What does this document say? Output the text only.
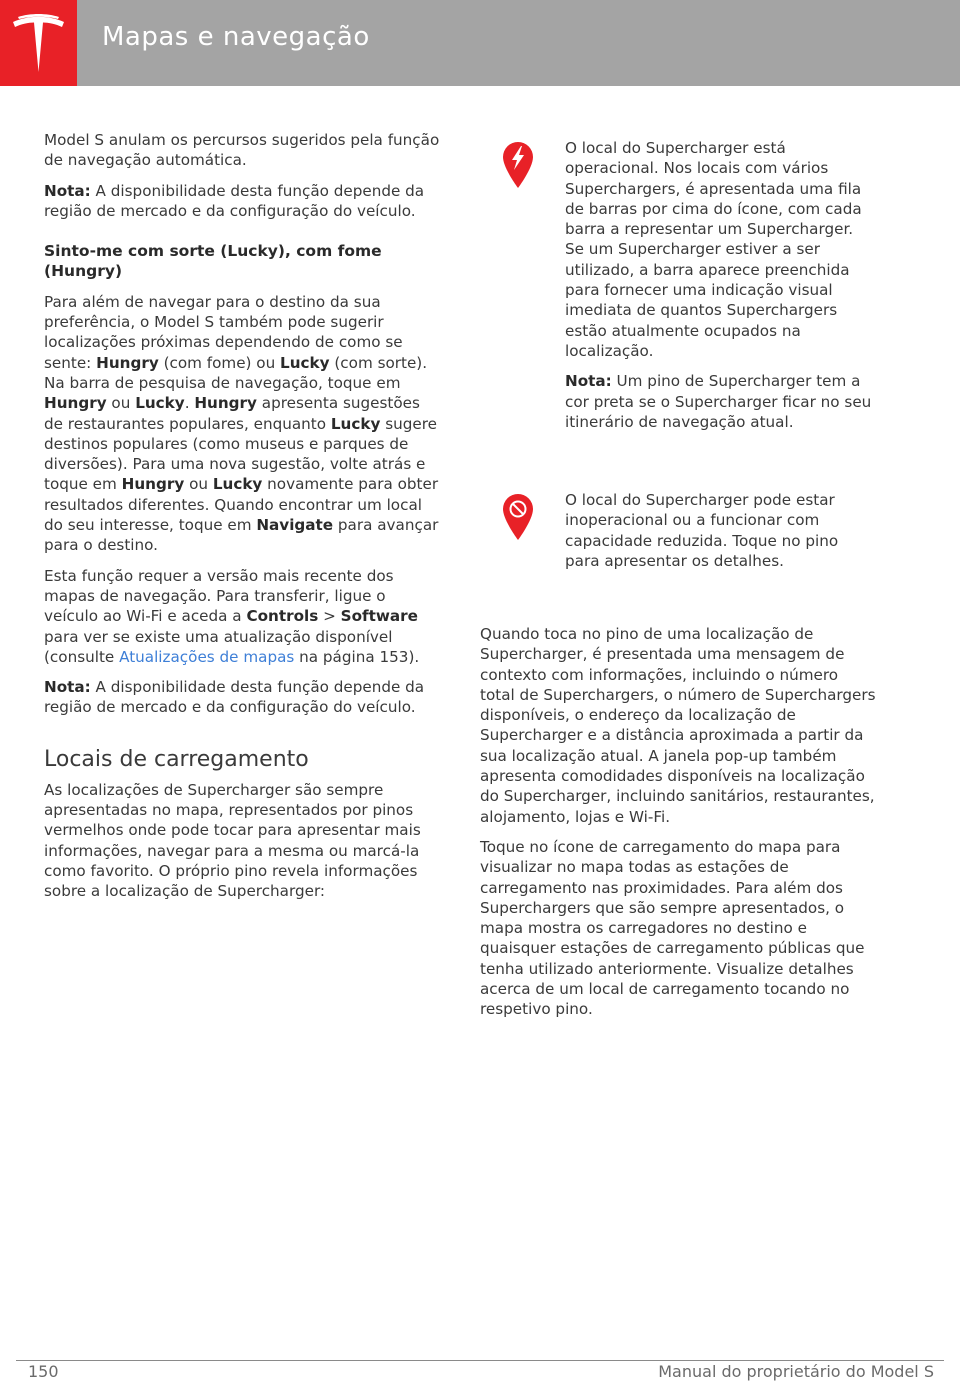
Mapas e navegação

Model S anulam os percursos sugeridos pela função de navegação automática.

Nota: A disponibilidade desta função depende da região de mercado e da configuração do veículo.

Sinto-me com sorte (Lucky), com fome (Hungry)

Para além de navegar para o destino da sua preferência, o Model S também pode sugerir localizações próximas dependendo de como se sente: Hungry (com fome) ou Lucky (com sorte). Na barra de pesquisa de navegação, toque em Hungry ou Lucky. Hungry apresenta sugestões de restaurantes populares, enquanto Lucky sugere destinos populares (como museus e parques de diversões). Para uma nova sugestão, volte atrás e toque em Hungry ou Lucky novamente para obter resultados diferentes. Quando encontrar um local do seu interesse, toque em Navigate para avançar para o destino.

Esta função requer a versão mais recente dos mapas de navegação. Para transferir, ligue o veículo ao Wi-Fi e aceda a Controls > Software para ver se existe uma atualização disponível (consulte Atualizações de mapas na página 153).

Nota: A disponibilidade desta função depende da região de mercado e da configuração do veículo.

Locais de carregamento

As localizações de Supercharger são sempre apresentadas no mapa, representados por pinos vermelhos onde pode tocar para apresentar mais informações, navegar para a mesma ou marcá-la como favorito. O próprio pino revela informações sobre a localização de Supercharger:

O local do Supercharger está operacional. Nos locais com vários Superchargers, é apresentada uma fila de barras por cima do ícone, com cada barra a representar um Supercharger. Se um Supercharger estiver a ser utilizado, a barra aparece preenchida para fornecer uma indicação visual imediata de quantos Superchargers estão atualmente ocupados na localização.

Nota: Um pino de Supercharger tem a cor preta se o Supercharger ficar no seu itinerário de navegação atual.

O local do Supercharger pode estar inoperacional ou a funcionar com capacidade reduzida. Toque no pino para apresentar os detalhes.

Quando toca no pino de uma localização de Supercharger, é presentada uma mensagem de contexto com informações, incluindo o número total de Superchargers, o número de Superchargers disponíveis, o endereço da localização de Supercharger e a distância aproximada a partir da sua localização atual. A janela pop-up também apresenta comodidades disponíveis na localização do Supercharger, incluindo sanitários, restaurantes, alojamento, lojas e Wi-Fi.

Toque no ícone de carregamento do mapa para visualizar no mapa todas as estações de carregamento nas proximidades. Para além dos Superchargers que são sempre apresentados, o mapa mostra os carregadores no destino e quaisquer estações de carregamento públicas que tenha utilizado anteriormente. Visualize detalhes acerca de um local de carregamento tocando no respetivo pino.

150	Manual do proprietário do Model S
